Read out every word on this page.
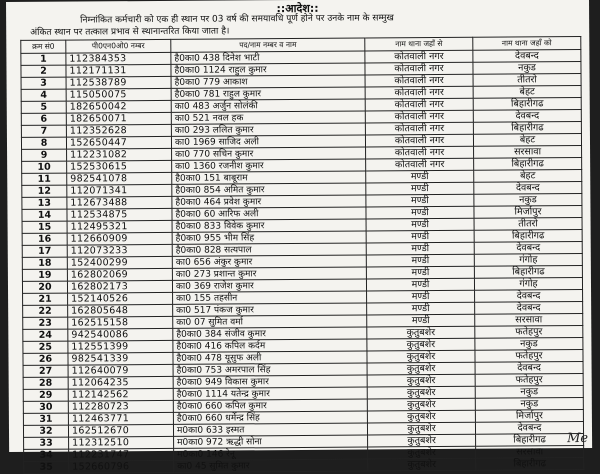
::आदेश::
निम्नांकित कर्मचारी को एक ही स्थान पर 03 वर्ष की समयावधि पूर्ण होने पर उनके नाम के सम्मुख
अंकित स्थान पर तत्काल प्रभाव से स्थानान्तरित किया जाता है।
क्रम सं0	पी0एन0ओ0 नम्बर	पद/नाम नम्बर व नाम	नाम थाना जहाँ से	नाम थाना जहाँ को
1	112384353	है0का0 438 दिनेश भाटी	कोतवाली नगर	देवबन्द
2	112171131	है0का0 1124 राहुल कुमार	कोतवाली नगर	नकुड
3	112538789	है0का0 779 आकाश	कोतवाली नगर	तीतरो
4	115050075	है0का0 781 राहुल कुमार	कोतवाली नगर	बेहट
5	182650042	का0 483 अर्जुन सोलंकी	कोतवाली नगर	बिहारीगढ
6	182650071	का0 521 नवल हक	कोतवाली नगर	देवबन्द
7	112352628	का0 293 ललित कुमार	कोतवाली नगर	बिहारीगढ
8	152650447	का0 1969 साजिद अली	कोतवाली नगर	बेहट
9	112231082	का0 770 सचिन कुमार	कोतवाली नगर	सरसावा
10	152530615	का0 1360 रजनीश कुमार	कोतवाली नगर	बिहारीगढ
11	982541078	है0का0 151 बाबूराम	मण्डी	बेहट
12	112071341	है0का0 854 अमित कुमार	मण्डी	देवबन्द
13	112673488	है0का0 464 प्रवेश कुमार	मण्डी	नकुड
14	112534875	है0का0 60 आरिफ अली	मण्डी	मिर्जापुर
15	112495321	है0का0 833 विवेक कुमार	मण्डी	तीतरो
16	112660909	है0का0 955 भीम सिंह	मण्डी	बिहारीगढ
17	112073233	है0का0 828 सत्यपाल	मण्डी	देवबन्द
18	152400299	का0 656 अंकुर कुमार	मण्डी	गंगोह
19	162802069	का0 273 प्रशान्त कुमार	मण्डी	बिहारीगढ
20	162802173	का0 369 राजेश कुमार	मण्डी	गंगोह
21	152140526	का0 155 तहसीन	मण्डी	देवबन्द
22	162805648	का0 517 पंकज कुमार	मण्डी	देवबन्द
23	162515158	का0 07 सुमित वर्मा	मण्डी	सरसावा
24	942540086	है0का0 384 संजीव कुमार	कुतुबशेर	फतेहपुर
25	112551399	है0का0 416 कपिल कर्दम	कुतुबशेर	नकुड
26	982541339	है0का0 478 यूसुफ अली	कुतुबशेर	फतेहपुर
27	112640079	है0का0 753 अमरपाल सिंह	कुतुबशेर	देवबन्द
28	112064235	है0का0 949 विकास कुमार	कुतुबशेर	फतेहपुर
29	112142562	है0का0 1114 यतेन्द्र कुमार	कुतुबशेर	नकुड
30	112280723	है0का0 660 कपिल कुमार	कुतुबशेर	नकुड
31	112463771	है0का0 660 धर्मेन्द्र सिंह	कुतुबशेर	मिर्जापुर
32	162512670	म0का0 633 इस्मत	कुतुबशेर	देवबन्द
33	112312510	म0का0 972 ऋद्धी सोना	कुतुबशेर	बिहारीगढ
34	112231747	म0का0 146 रेनू	कुतुबशेर	सरसावा
35	152660796	का0 45 सुमित कुमार	कुतुबशेर	बिहारीगढ
Me
